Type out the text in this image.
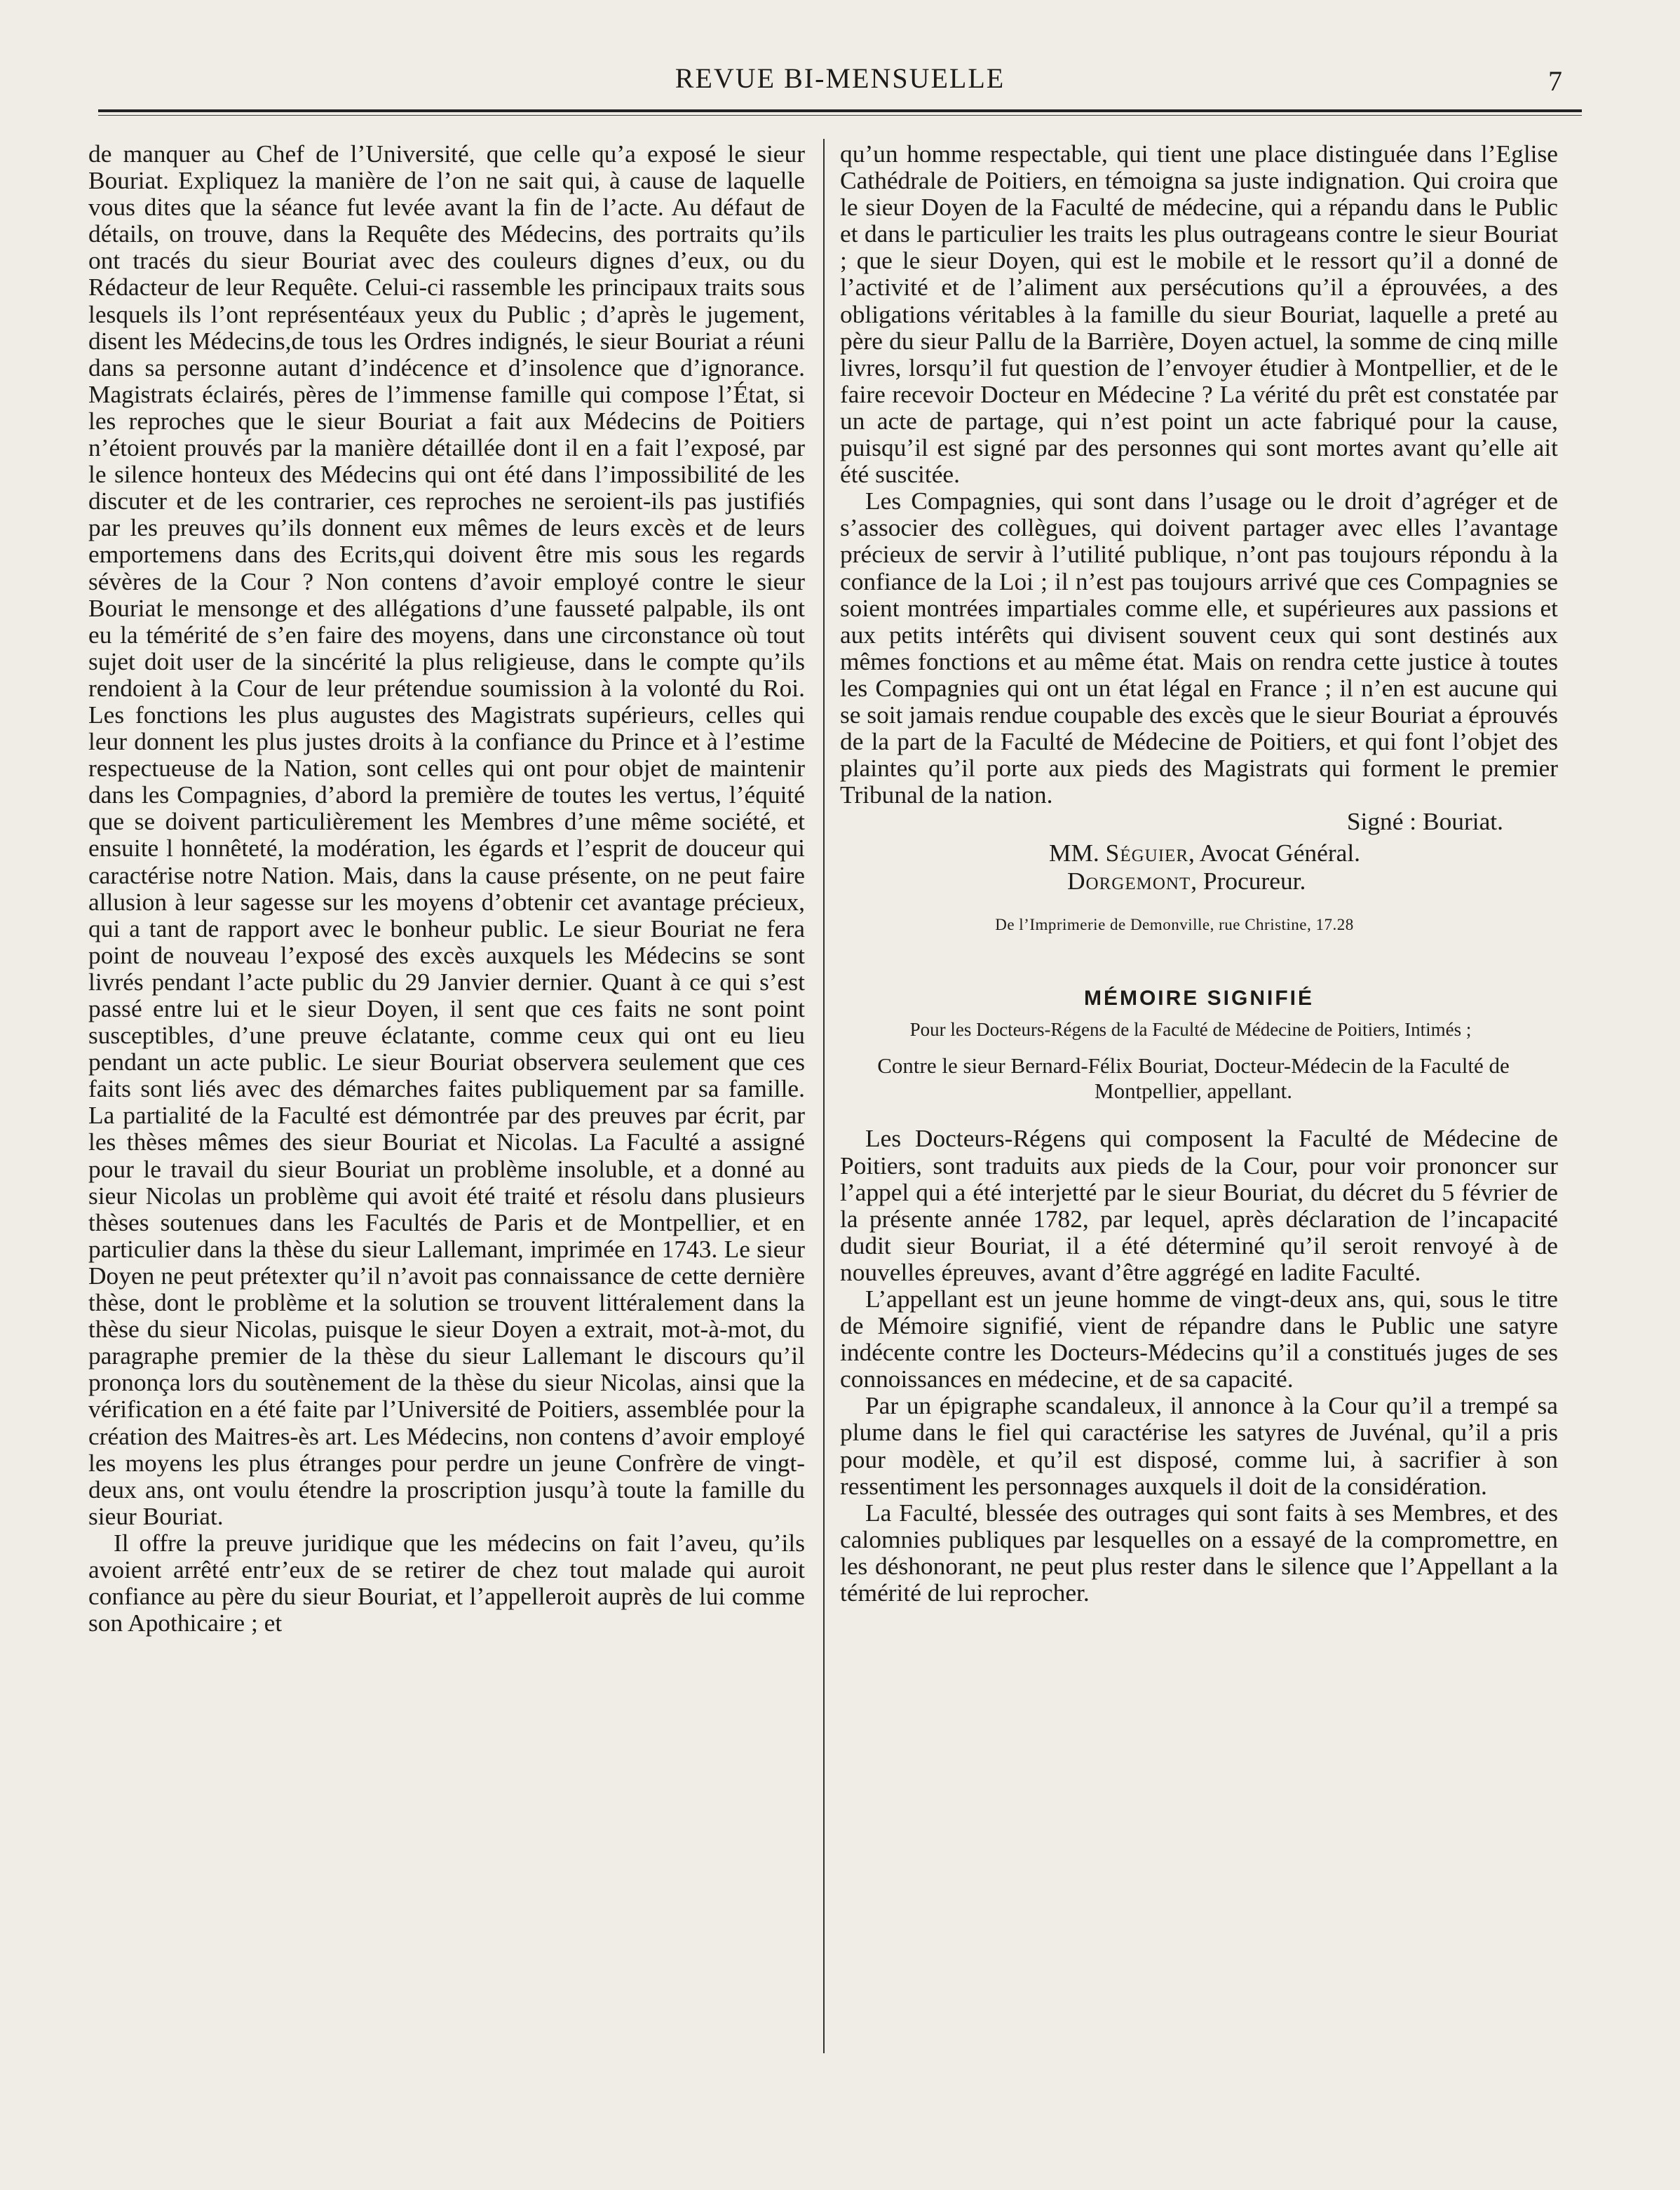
REVUE BI-MENSUELLE	7

de manquer au Chef de l’Université, que celle qu’a exposé le sieur Bouriat. Expliquez la manière de l’on ne sait qui, à cause de laquelle vous dites que la séance fut levée avant la fin de l’acte. Au défaut de détails, on trouve, dans la Requête des Médecins, des portraits qu’ils ont tracés du sieur Bouriat avec des couleurs dignes d’eux, ou du Rédacteur de leur Requête. Celui-ci rassemble les principaux traits sous lesquels ils l’ont représentéaux yeux du Public ; d’après le jugement, disent les Médecins,de tous les Ordres indignés, le sieur Bouriat a réuni dans sa personne autant d’indécence et d’insolence que d’ignorance. Magistrats éclairés, pères de l’immense famille qui compose l’État, si les reproches que le sieur Bouriat a fait aux Médecins de Poitiers n’étoient prouvés par la manière détaillée dont il en a fait l’exposé, par le silence honteux des Médecins qui ont été dans l’impossibilité de les discuter et de les contrarier, ces reproches ne seroient-ils pas justifiés par les preuves qu’ils donnent eux mêmes de leurs excès et de leurs emportemens dans des Ecrits,qui doivent être mis sous les regards sévères de la Cour ? Non contens d’avoir employé contre le sieur Bouriat le mensonge et des allégations d’une fausseté palpable, ils ont eu la témérité de s’en faire des moyens, dans une circonstance où tout sujet doit user de la sincérité la plus religieuse, dans le compte qu’ils rendoient à la Cour de leur prétendue soumission à la volonté du Roi. Les fonctions les plus augustes des Magistrats supérieurs, celles qui leur donnent les plus justes droits à la confiance du Prince et à l’estime respectueuse de la Nation, sont celles qui ont pour objet de maintenir dans les Compagnies, d’abord la première de toutes les vertus, l’équité que se doivent particulièrement les Membres d’une même société, et ensuite l honnêteté, la modération, les égards et l’esprit de douceur qui caractérise notre Nation. Mais, dans la cause présente, on ne peut faire allusion à leur sagesse sur les moyens d’obtenir cet avantage précieux, qui a tant de rapport avec le bonheur public. Le sieur Bouriat ne fera point de nouveau l’exposé des excès auxquels les Médecins se sont livrés pendant l’acte public du 29 Janvier dernier. Quant à ce qui s’est passé entre lui et le sieur Doyen, il sent que ces faits ne sont point susceptibles, d’une preuve éclatante, comme ceux qui ont eu lieu pendant un acte public. Le sieur Bouriat observera seulement que ces faits sont liés avec des démarches faites publiquement par sa famille. La partialité de la Faculté est démontrée par des preuves par écrit, par les thèses mêmes des sieur Bouriat et Nicolas. La Faculté a assigné pour le travail du sieur Bouriat un problème insoluble, et a donné au sieur Nicolas un problème qui avoit été traité et résolu dans plusieurs thèses soutenues dans les Facultés de Paris et de Montpellier, et en particulier dans la thèse du sieur Lallemant, imprimée en 1743. Le sieur Doyen ne peut prétexter qu’il n’avoit pas connaissance de cette dernière thèse, dont le problème et la solution se trouvent littéralement dans la thèse du sieur Nicolas, puisque le sieur Doyen a extrait, mot-à-mot, du paragraphe premier de la thèse du sieur Lallemant le discours qu’il prononça lors du soutènement de la thèse du sieur Nicolas, ainsi que la vérification en a été faite par l’Université de Poitiers, assemblée pour la création des Maitres-ès art. Les Médecins, non contens d’avoir employé les moyens les plus étranges pour perdre un jeune Confrère de vingt-deux ans, ont voulu étendre la proscription jusqu’à toute la famille du sieur Bouriat.

Il offre la preuve juridique que les médecins on fait l’aveu, qu’ils avoient arrêté entr’eux de se retirer de chez tout malade qui auroit confiance au père du sieur Bouriat, et l’appelleroit auprès de lui comme son Apothicaire ; et

qu’un homme respectable, qui tient une place distinguée dans l’Eglise Cathédrale de Poitiers, en témoigna sa juste indignation. Qui croira que le sieur Doyen de la Faculté de médecine, qui a répandu dans le Public et dans le particulier les traits les plus outrageans contre le sieur Bouriat ; que le sieur Doyen, qui est le mobile et le ressort qu’il a donné de l’activité et de l’aliment aux persécutions qu’il a éprouvées, a des obligations véritables à la famille du sieur Bouriat, laquelle a preté au père du sieur Pallu de la Barrière, Doyen actuel, la somme de cinq mille livres, lorsqu’il fut question de l’envoyer étudier à Montpellier, et de le faire recevoir Docteur en Médecine ? La vérité du prêt est constatée par un acte de partage, qui n’est point un acte fabriqué pour la cause, puisqu’il est signé par des personnes qui sont mortes avant qu’elle ait été suscitée.

Les Compagnies, qui sont dans l’usage ou le droit d’agréger et de s’associer des collègues, qui doivent partager avec elles l’avantage précieux de servir à l’utilité publique, n’ont pas toujours répondu à la confiance de la Loi ; il n’est pas toujours arrivé que ces Compagnies se soient montrées impartiales comme elle, et supérieures aux passions et aux petits intérêts qui divisent souvent ceux qui sont destinés aux mêmes fonctions et au même état. Mais on rendra cette justice à toutes les Compagnies qui ont un état légal en France ; il n’en est aucune qui se soit jamais rendue coupable des excès que le sieur Bouriat a éprouvés de la part de la Faculté de Médecine de Poitiers, et qui font l’objet des plaintes qu’il porte aux pieds des Magistrats qui forment le premier Tribunal de la nation.

Signé : Bouriat.

MM. Séguier, Avocat Général.
Dorgemont, Procureur.
De l’Imprimerie de Demonville, rue Christine, 17.28
MÉMOIRE SIGNIFIÉ
Pour les Docteurs-Régens de la Faculté de Médecine de Poitiers, Intimés ;
Contre le sieur Bernard-Félix Bouriat, Docteur-Médecin de la Faculté de Montpellier, appellant.

Les Docteurs-Régens qui composent la Faculté de Médecine de Poitiers, sont traduits aux pieds de la Cour, pour voir prononcer sur l’appel qui a été interjetté par le sieur Bouriat, du décret du 5 février de la présente année 1782, par lequel, après déclaration de l’incapacité dudit sieur Bouriat, il a été déterminé qu’il seroit renvoyé à de nouvelles épreuves, avant d’être aggrégé en ladite Faculté.

L’appellant est un jeune homme de vingt-deux ans, qui, sous le titre de Mémoire signifié, vient de répandre dans le Public une satyre indécente contre les Docteurs-Médecins qu’il a constitués juges de ses connoissances en médecine, et de sa capacité.

Par un épigraphe scandaleux, il annonce à la Cour qu’il a trempé sa plume dans le fiel qui caractérise les satyres de Juvénal, qu’il a pris pour modèle, et qu’il est disposé, comme lui, à sacrifier à son ressentiment les personnages auxquels il doit de la considération.

La Faculté, blessée des outrages qui sont faits à ses Membres, et des calomnies publiques par lesquelles on a essayé de la compromettre, en les déshonorant, ne peut plus rester dans le silence que l’Appellant a la témérité de lui reprocher.
